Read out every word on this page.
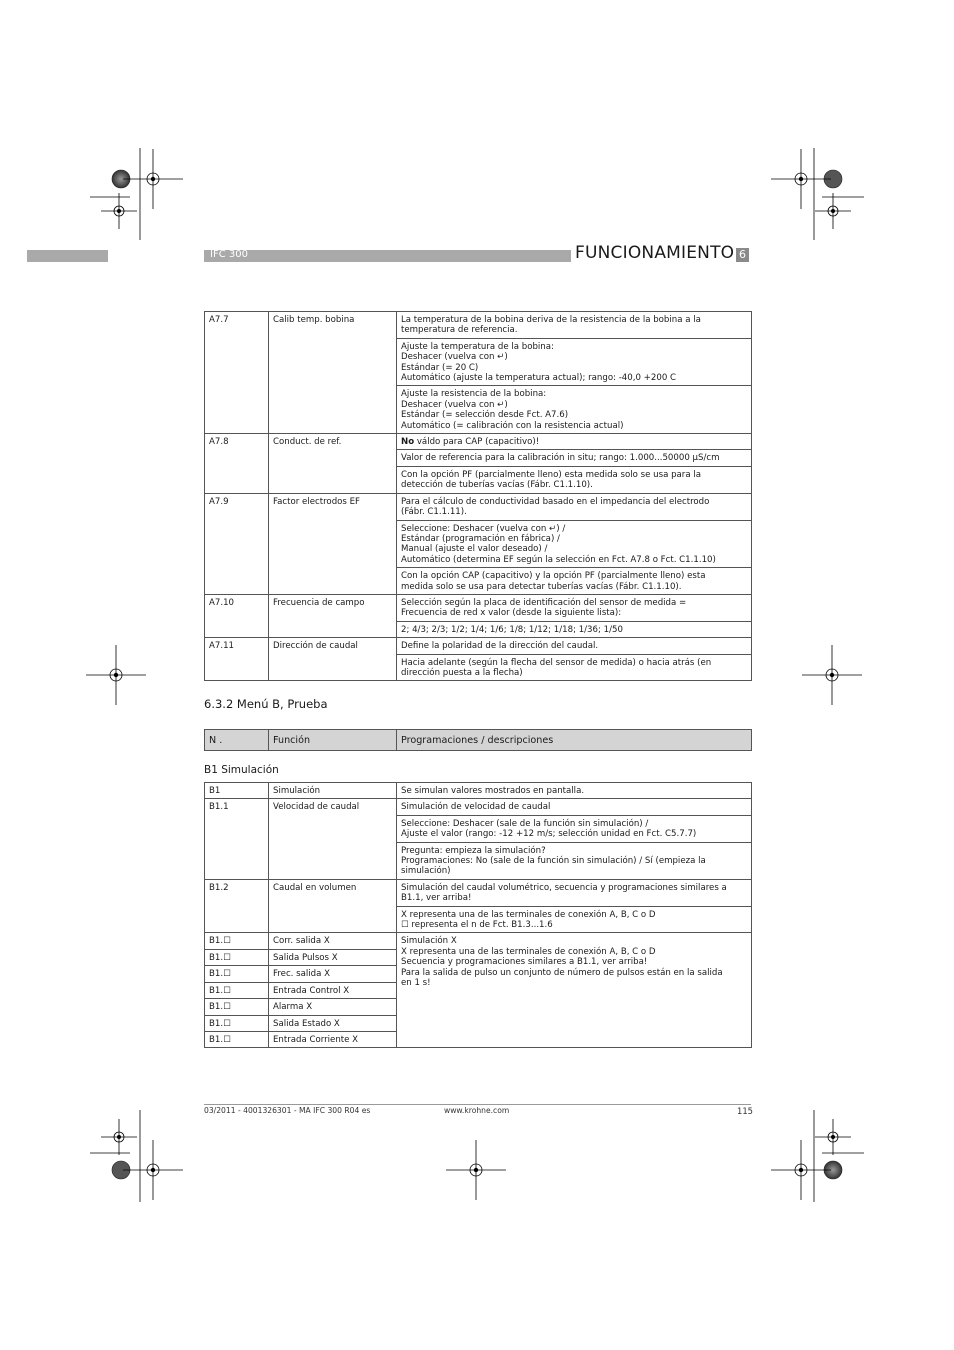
IFC 300	FUNCIONAMIENTO 6
A7.7	Calib temp. bobina	La temperatura de la bobina deriva de la resistencia de la bobina a la
temperatura de referencia.

		Ajuste la temperatura de la bobina:
Deshacer (vuelva con ↵)
Estándar (= 20 C)
Automático (ajuste la temperatura actual); rango: -40,0 +200 C

		Ajuste la resistencia de la bobina:
Deshacer (vuelva con ↵)
Estándar (= selección desde Fct. A7.6)
Automático (= calibración con la resistencia actual)

A7.8	Conduct. de ref.	No váldo para CAP (capacitivo)!

		Valor de referencia para la calibración in situ; rango: 1.000...50000 µS/cm

		Con la opción PF (parcialmente lleno) esta medida solo se usa para la
detección de tuberías vacías (Fábr. C1.1.10).

A7.9	Factor electrodos EF	Para el cálculo de conductividad basado en el impedancia del electrodo
(Fábr. C1.1.11).

		Seleccione: Deshacer (vuelva con ↵) /
Estándar (programación en fábrica) /
Manual (ajuste el valor deseado) /
Automático (determina EF según la selección en Fct. A7.8 o Fct. C1.1.10)

		Con la opción CAP (capacitivo) y la opción PF (parcialmente lleno) esta
medida solo se usa para detectar tuberías vacías (Fábr. C1.1.10).

A7.10	Frecuencia de campo	Selección según la placa de identificación del sensor de medida =
Frecuencia de red x valor (desde la siguiente lista):

		2; 4/3; 2/3; 1/2; 1/4; 1/6; 1/8; 1/12; 1/18; 1/36; 1/50

A7.11	Dirección de caudal	Define la polaridad de la dirección del caudal.

		Hacia adelante (según la flecha del sensor de medida) o hacia atrás (en
dirección puesta a la flecha)
6.3.2 Menú B, Prueba
N .	Función	Programaciones / descripciones
B1 Simulación
B1	Simulación	Se simulan valores mostrados en pantalla.
B1.1	Velocidad de caudal	Simulación de velocidad de caudal

		Seleccione: Deshacer (sale de la función sin simulación) /
Ajuste el valor (rango: -12 +12 m/s; selección unidad en Fct. C5.7.7)

		Pregunta: empieza la simulación?
Programaciones: No (sale de la función sin simulación) / Sí (empieza la
simulación)

B1.2	Caudal en volumen	Simulación del caudal volumétrico, secuencia y programaciones similares a
B1.1, ver arriba!

		X representa una de las terminales de conexión A, B, C o D
☐ representa el n de Fct. B1.3...1.6

B1.☐	Corr. salida X	Simulación X
X representa una de las terminales de conexión A, B, C o D
Secuencia y programaciones similares a B1.1, ver arriba!
Para la salida de pulso un conjunto de número de pulsos están en la salida
en 1 s!

B1.☐	Salida Pulsos X	
B1.☐	Frec. salida X	
B1.☐	Entrada Control X	
B1.☐	Alarma X	
B1.☐	Salida Estado X	
B1.☐	Entrada Corriente X	
03/2011 - 4001326301 - MA IFC 300 R04 es	www.krohne.com	115
